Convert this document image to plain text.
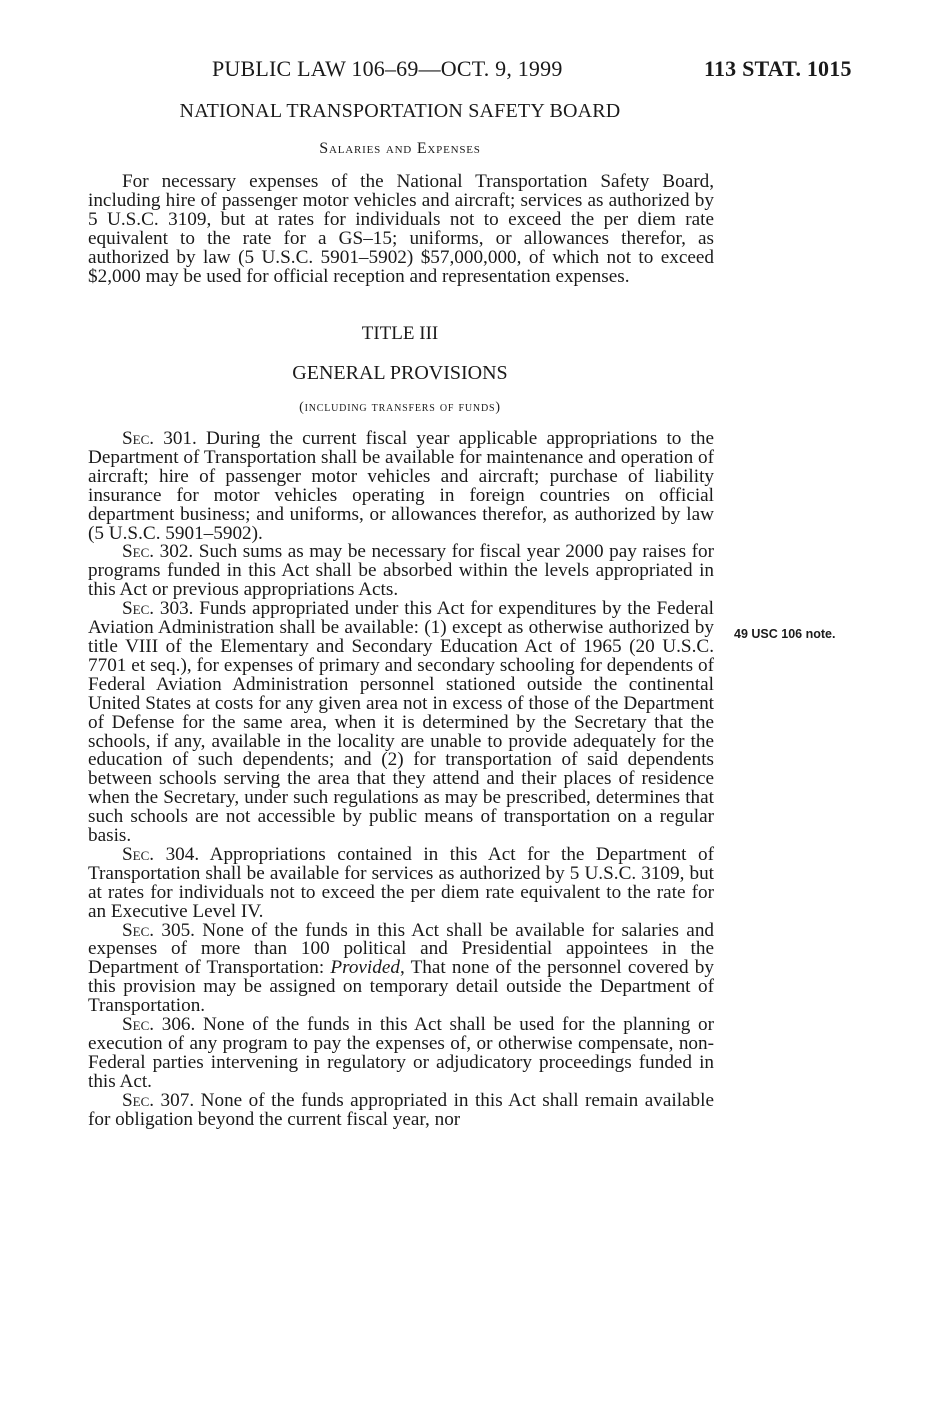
PUBLIC LAW 106–69—OCT. 9, 1999	113 STAT. 1015
NATIONAL TRANSPORTATION SAFETY BOARD
Salaries and Expenses

For necessary expenses of the National Transportation Safety Board, including hire of passenger motor vehicles and aircraft; services as authorized by 5 U.S.C. 3109, but at rates for individuals not to exceed the per diem rate equivalent to the rate for a GS–15; uniforms, or allowances therefor, as authorized by law (5 U.S.C. 5901–5902) $57,000,000, of which not to exceed $2,000 may be used for official reception and representation expenses.

TITLE III
GENERAL PROVISIONS
(including transfers of funds)

Sec. 301. During the current fiscal year applicable appropriations to the Department of Transportation shall be available for maintenance and operation of aircraft; hire of passenger motor vehicles and aircraft; purchase of liability insurance for motor vehicles operating in foreign countries on official department business; and uniforms, or allowances therefor, as authorized by law (5 U.S.C. 5901–5902).

Sec. 302. Such sums as may be necessary for fiscal year 2000 pay raises for programs funded in this Act shall be absorbed within the levels appropriated in this Act or previous appropriations Acts.

Sec. 303. Funds appropriated under this Act for expenditures by the Federal Aviation Administration shall be available: (1) except as otherwise authorized by title VIII of the Elementary and Secondary Education Act of 1965 (20 U.S.C. 7701 et seq.), for expenses of primary and secondary schooling for dependents of Federal Aviation Administration personnel stationed outside the continental United States at costs for any given area not in excess of those of the Department of Defense for the same area, when it is determined by the Secretary that the schools, if any, available in the locality are unable to provide adequately for the education of such dependents; and (2) for transportation of said dependents between schools serving the area that they attend and their places of residence when the Secretary, under such regulations as may be prescribed, determines that such schools are not accessible by public means of transportation on a regular basis.

Sec. 304. Appropriations contained in this Act for the Department of Transportation shall be available for services as authorized by 5 U.S.C. 3109, but at rates for individuals not to exceed the per diem rate equivalent to the rate for an Executive Level IV.

Sec. 305. None of the funds in this Act shall be available for salaries and expenses of more than 100 political and Presidential appointees in the Department of Transportation: Provided, That none of the personnel covered by this provision may be assigned on temporary detail outside the Department of Transportation.

Sec. 306. None of the funds in this Act shall be used for the planning or execution of any program to pay the expenses of, or otherwise compensate, non-Federal parties intervening in regulatory or adjudicatory proceedings funded in this Act.

Sec. 307. None of the funds appropriated in this Act shall remain available for obligation beyond the current fiscal year, nor

49 USC 106 note.
